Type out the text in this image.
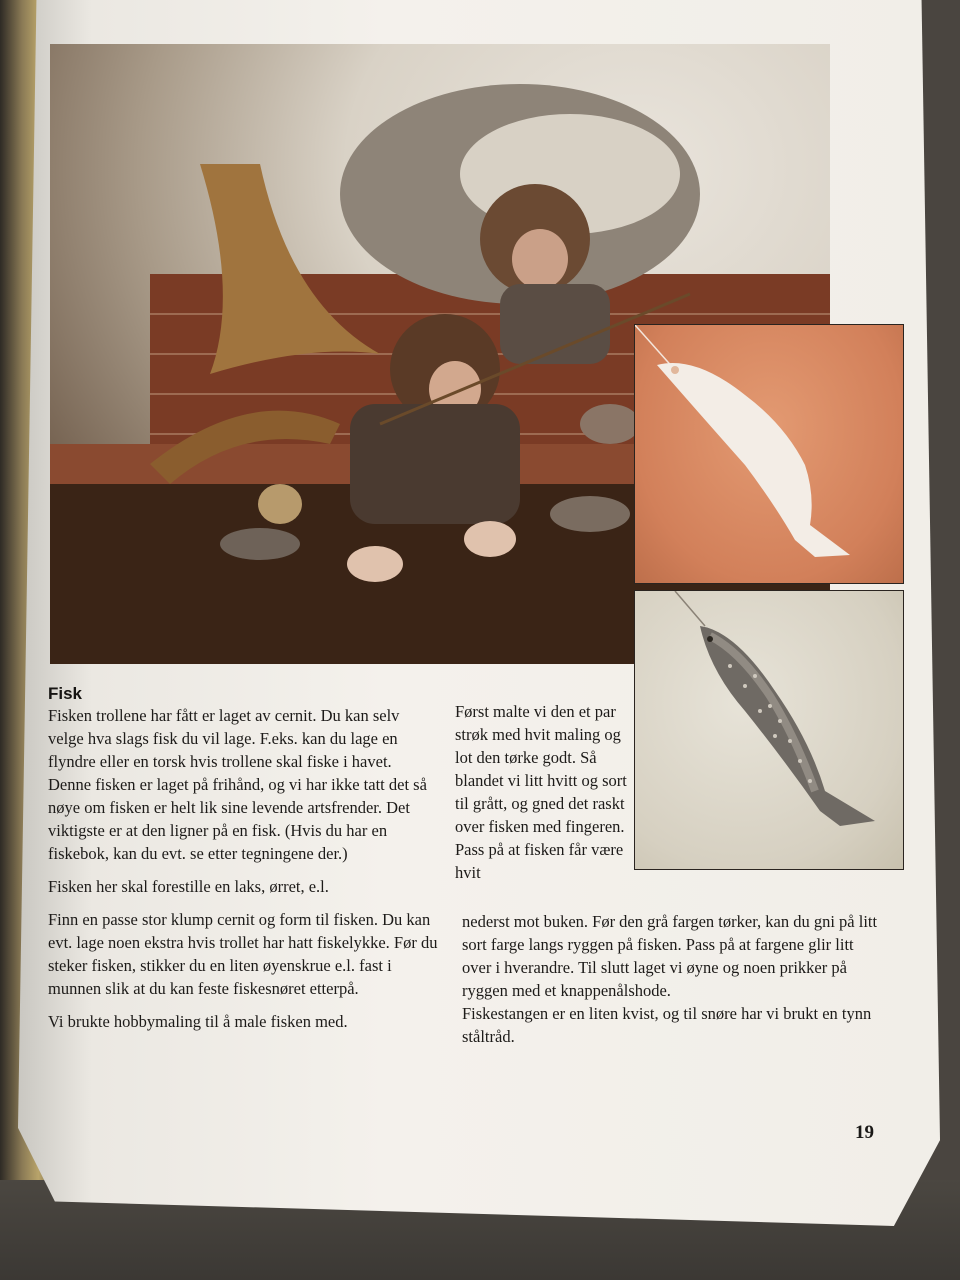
Fisk

Fisken trollene har fått er laget av cernit. Du kan selv velge hva slags fisk du vil lage. F.eks. kan du lage en flyndre eller en torsk hvis trollene skal fiske i havet. Denne fisken er laget på frihånd, og vi har ikke tatt det så nøye om fisken er helt lik sine levende artsfrender. Det viktigste er at den ligner på en fisk. (Hvis du har en fiskebok, kan du evt. se etter tegningene der.)

Fisken her skal forestille en laks, ørret, e.l.

Finn en passe stor klump cernit og form til fisken. Du kan evt. lage noen ekstra hvis trollet har hatt fiskelykke. Før du steker fisken, stikker du en liten øyenskrue e.l. fast i munnen slik at du kan feste fiskesnøret etterpå.

Vi brukte hobbymaling til å male fisken med.

Først malte vi den et par strøk med hvit maling og lot den tørke godt. Så blandet vi litt hvitt og sort til grått, og gned det raskt over fisken med fingeren. Pass på at fisken får være hvit

nederst mot buken. Før den grå fargen tørker, kan du gni på litt sort farge langs ryggen på fisken. Pass på at fargene glir litt over i hverandre. Til slutt laget vi øyne og noen prikker på ryggen med et knappenålshode.

Fiskestangen er en liten kvist, og til snøre har vi brukt en tynn ståltråd.

19
